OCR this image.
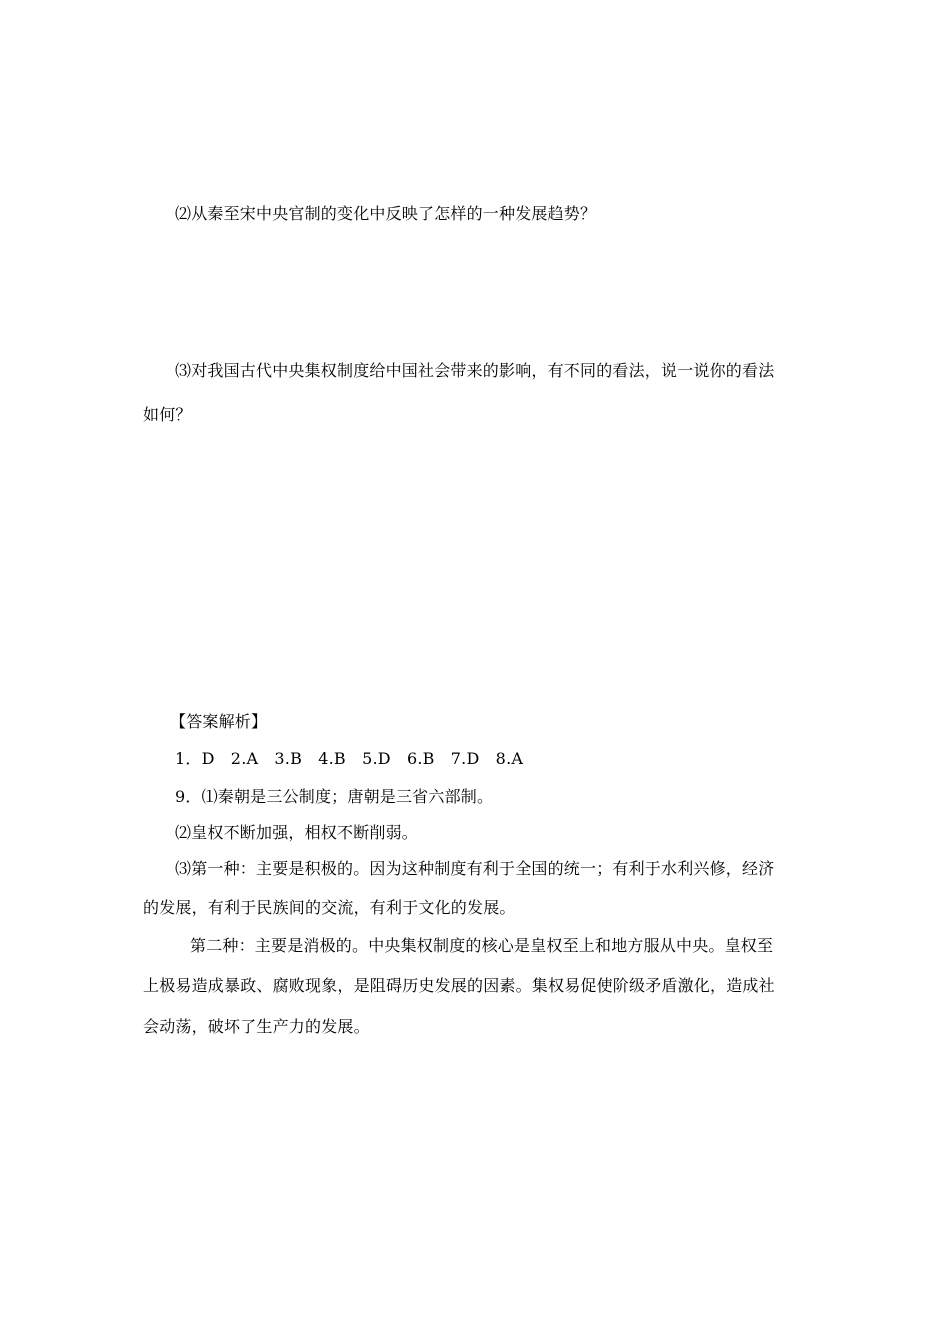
⑵从秦至宋中央官制的变化中反映了怎样的一种发展趋势？
⑶对我国古代中央集权制度给中国社会带来的影响，有不同的看法，说一说你的看法
如何？
【答案解析】
1．D　2.A　3.B　4.B　5.D　6.B　7.D　8.A
9．⑴秦朝是三公制度；唐朝是三省六部制。
⑵皇权不断加强，相权不断削弱。
⑶第一种：主要是积极的。因为这种制度有利于全国的统一；有利于水利兴修，经济
的发展，有利于民族间的交流，有利于文化的发展。
第二种：主要是消极的。中央集权制度的核心是皇权至上和地方服从中央。皇权至
上极易造成暴政、腐败现象，是阻碍历史发展的因素。集权易促使阶级矛盾激化，造成社
会动荡，破坏了生产力的发展。
